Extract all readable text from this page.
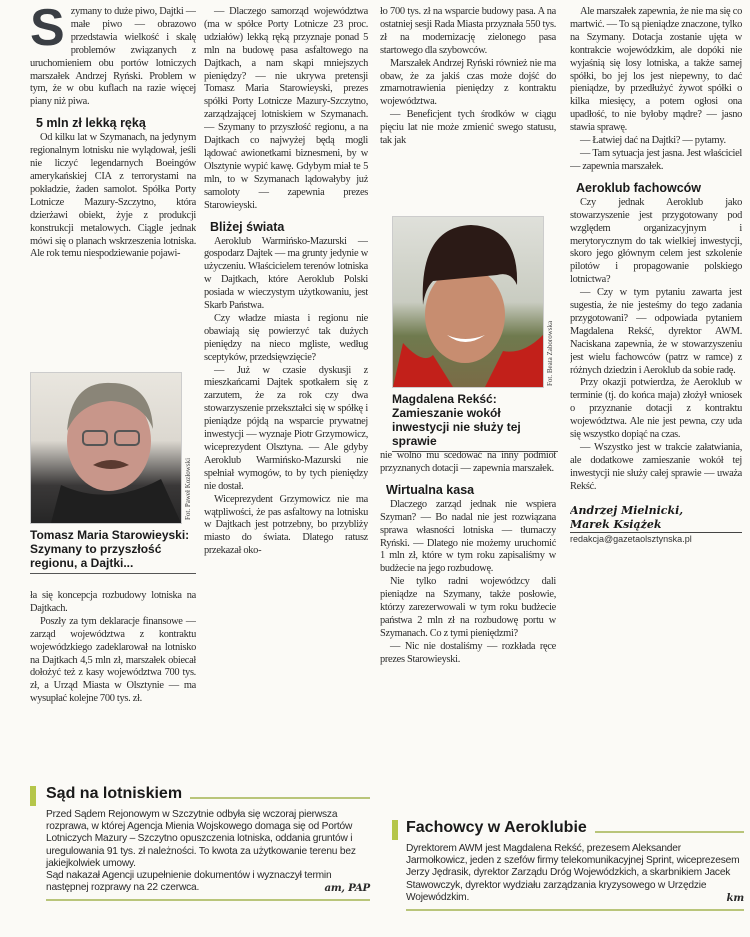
S zymany to duże piwo, Dajtki — małe piwo — obrazowo przedstawia wielkość i skalę problemów związanych z uruchomieniem obu portów lotniczych marszałek Andrzej Ryński. Problem w tym, że w obu kuflach na razie więcej piany niż piwa.

5 mln zł lekką ręką

Od kilku lat w Szymanach, na jedynym regionalnym lotnisku nie wylądował, jeśli nie liczyć legendarnych Boeingów amerykańskiej CIA z terrorystami na pokładzie, żaden samolot. Spółka Porty Lotnicze Mazury-Szczytno, która dzierżawi obiekt, żyje z produkcji konstrukcji metalowych. Ciągle jednak mówi się o planach wskrzeszenia lotniska. Ale rok temu niespodziewanie pojawi-

Fot. Paweł Kozłowski
Tomasz Maria Starowieyski: Szymany to przyszłość regionu, a Dajtki...

ła się koncepcja rozbudowy lotniska na Dajtkach.

Poszły za tym deklaracje finansowe — zarząd województwa z kontraktu wojewódzkiego zadeklarował na lotnisko na Dajtkach 4,5 mln zł, marszałek obiecał dołożyć też z kasy województwa 700 tys. zł, a Urząd Miasta w Olsztynie — ma wysupłać kolejne 700 tys. zł.

— Dlaczego samorząd województwa (ma w spółce Porty Lotnicze 23 proc. udziałów) lekką ręką przyznaje ponad 5 mln na budowę pasa asfaltowego na Dajtkach, a nam skąpi mniejszych pieniędzy? — nie ukrywa pretensji Tomasz Maria Starowieyski, prezes spółki Porty Lotnicze Mazury-Szczytno, zarządzającej lotniskiem w Szymanach. — Szymany to przyszłość regionu, a na Dajtkach co najwyżej będą mogli lądować awionetkami biznesmeni, by w Olsztynie wypić kawę. Gdybym miał te 5 mln, to w Szymanach lądowałyby już samoloty — zapewnia prezes Starowieyski.

Bliżej świata

Aeroklub Warmińsko-Mazurski — gospodarz Dajtek — ma grunty jedynie w użyczeniu. Właścicielem terenów lotniska w Dajtkach, które Aeroklub Polski posiada w wieczystym użytkowaniu, jest Skarb Państwa.

Czy władze miasta i regionu nie obawiają się powierzyć tak dużych pieniędzy na nieco mgliste, według sceptyków, przedsięwzięcie?

— Już w czasie dyskusji z mieszkańcami Dajtek spotkałem się z zarzutem, że za rok czy dwa stowarzyszenie przekształci się w spółkę i pieniądze pójdą na wsparcie prywatnej inwestycji — wyznaje Piotr Grzymowicz, wiceprezydent Olsztyna. — Ale gdyby Aeroklub Warmińsko-Mazurski nie spełniał wymogów, to by tych pieniędzy nie dostał.

Wiceprezydent Grzymowicz nie ma wątpliwości, że pas asfaltowy na lotnisku w Dajtkach jest potrzebny, bo przybliży miasto do świata. Dlatego ratusz przekazał oko-

ło 700 tys. zł na wsparcie budowy pasa. A na ostatniej sesji Rada Miasta przyznała 550 tys. zł na modernizację zielonego pasa startowego dla szybowców.

Marszałek Andrzej Ryński również nie ma obaw, że za jakiś czas może dojść do zmarnotrawienia pieniędzy z kontraktu województwa.

— Beneficjent tych środków w ciągu pięciu lat nie może zmienić swego statusu, tak jak

Fot. Beata Zaborowska
Magdalena Rekść: Zamieszanie wokół inwestycji nie służy tej sprawie

nie wolno mu scedować na inny podmiot przyznanych dotacji — zapewnia marszałek.

Wirtualna kasa

Dlaczego zarząd jednak nie wspiera Szyman? — Bo nadal nie jest rozwiązana sprawa własności lotniska — tłumaczy Ryński. — Dlatego nie możemy uruchomić 1 mln zł, które w tym roku zapisaliśmy w budżecie na jego rozbudowę.

Nie tylko radni wojewódzcy dali pieniądze na Szymany, także posłowie, którzy zarezerwowali w tym roku budżecie państwa 2 mln zł na rozbudowę portu w Szymanach. Co z tymi pieniędzmi?

— Nic nie dostaliśmy — rozkłada ręce prezes Starowieyski.

Ale marszałek zapewnia, że nie ma się co martwić. — To są pieniądze znaczone, tylko na Szymany. Dotacja zostanie ujęta w kontrakcie wojewódzkim, ale dopóki nie wyjaśnią się losy lotniska, a także samej spółki, bo jej los jest niepewny, to dać pieniądze, by przedłużyć żywot spółki o kilka miesięcy, a potem ogłosi ona upadłość, to nie byłoby mądre? — jasno stawia sprawę.

— Łatwiej dać na Dajtki? — pytamy.

— Tam sytuacja jest jasna. Jest właściciel — zapewnia marszałek.

Aeroklub fachowców

Czy jednak Aeroklub jako stowarzyszenie jest przygotowany pod względem organizacyjnym i merytorycznym do tak wielkiej inwestycji, skoro jego głównym celem jest szkolenie pilotów i propagowanie polskiego lotnictwa?

— Czy w tym pytaniu zawarta jest sugestia, że nie jesteśmy do tego zadania przygotowani? — odpowiada pytaniem Magdalena Rekść, dyrektor AWM. Naciskana zapewnia, że w stowarzyszeniu jest wielu fachowców (patrz w ramce) z różnych dziedzin i Aeroklub da sobie radę.

Przy okazji potwierdza, że Aeroklub w terminie (tj. do końca maja) złożył wniosek o przyznanie dotacji z kontraktu województwa. Ale nie jest pewna, czy uda się wszystko dopiąć na czas.

— Wszystko jest w trakcie załatwiania, ale dodatkowe zamieszanie wokół tej inwestycji nie służy całej sprawie — uważa Rekść.

Andrzej Mielnicki,
Marek Książek
redakcja@gazetaolsztynska.pl
Sąd na lotniskiem
Przed Sądem Rejonowym w Szczytnie odbyła się wczoraj pierwsza rozprawa, w której Agencja Mienia Wojskowego domaga się od Portów Lotniczych Mazury – Szczytno opuszczenia lotniska, oddania gruntów i uregulowania 91 tys. zł należności. To kwota za użytkowanie terenu bez jakiejkolwiek umowy.
Sąd nakazał Agencji uzupełnienie dokumentów i wyznaczył termin następnej rozprawy na 22 czerwca.	am, PAP
Fachowcy w Aeroklubie
Dyrektorem AWM jest Magdalena Rekść, prezesem Aleksander Jarmołkowicz, jeden z szefów firmy telekomunikacyjnej Sprint, wiceprezesem Jerzy Jędrasik, dyrektor Zarządu Dróg Wojewódzkich, a skarbnikiem Jacek Stawowczyk, dyrektor wydziału zarządzania kryzysowego w Urzędzie Wojewódzkim.	km
